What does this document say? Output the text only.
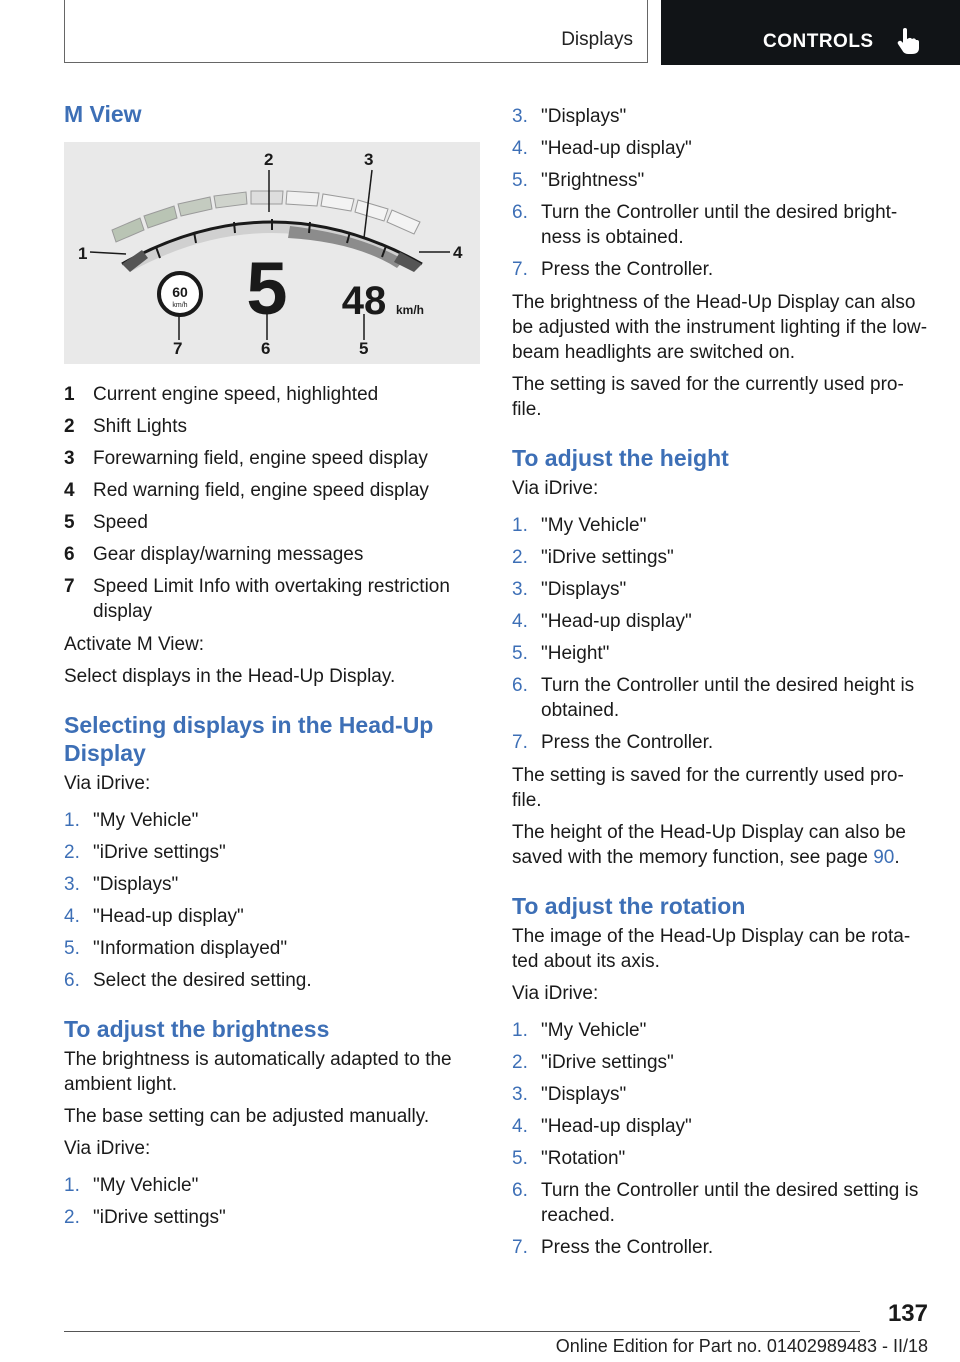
Displays	CONTROLS
M View
1
2	3
4
5
6
7
60
km/h 5 48 km/h
1 Current engine speed, highlighted
2 Shift Lights
3 Forewarning field, engine speed display
4 Red warning field, engine speed display
5 Speed
6 Gear display/warning messages
7 Speed Limit Info with overtaking restriction display

Activate M View:

Select displays in the Head-Up Display.

Selecting displays in the Head-Up Display

Via iDrive:

1. "My Vehicle"
2. "iDrive settings"
3. "Displays"
4. "Head-up display"
5. "Information displayed"
6. Select the desired setting.
To adjust the brightness

The brightness is automatically adapted to the ambient light.

The base setting can be adjusted manually.

Via iDrive:

1. "My Vehicle"
2. "iDrive settings"
3. "Displays"
4. "Head-up display"
5. "Brightness"
6. Turn the Controller until the desired bright‐ness is obtained.
7. Press the Controller.

The brightness of the Head-Up Display can also be adjusted with the instrument lighting if the low-beam headlights are switched on.

The setting is saved for the currently used pro‐file.

To adjust the height

Via iDrive:

1. "My Vehicle"
2. "iDrive settings"
3. "Displays"
4. "Head-up display"
5. "Height"
6. Turn the Controller until the desired height is obtained.
7. Press the Controller.

The setting is saved for the currently used pro‐file.

The height of the Head-Up Display can also be saved with the memory function, see page 90.

To adjust the rotation

The image of the Head-Up Display can be rota‐ted about its axis.

Via iDrive:

1. "My Vehicle"
2. "iDrive settings"
3. "Displays"
4. "Head-up display"
5. "Rotation"
6. Turn the Controller until the desired setting is reached.
7. Press the Controller.
137
Online Edition for Part no. 01402989483 - II/18
